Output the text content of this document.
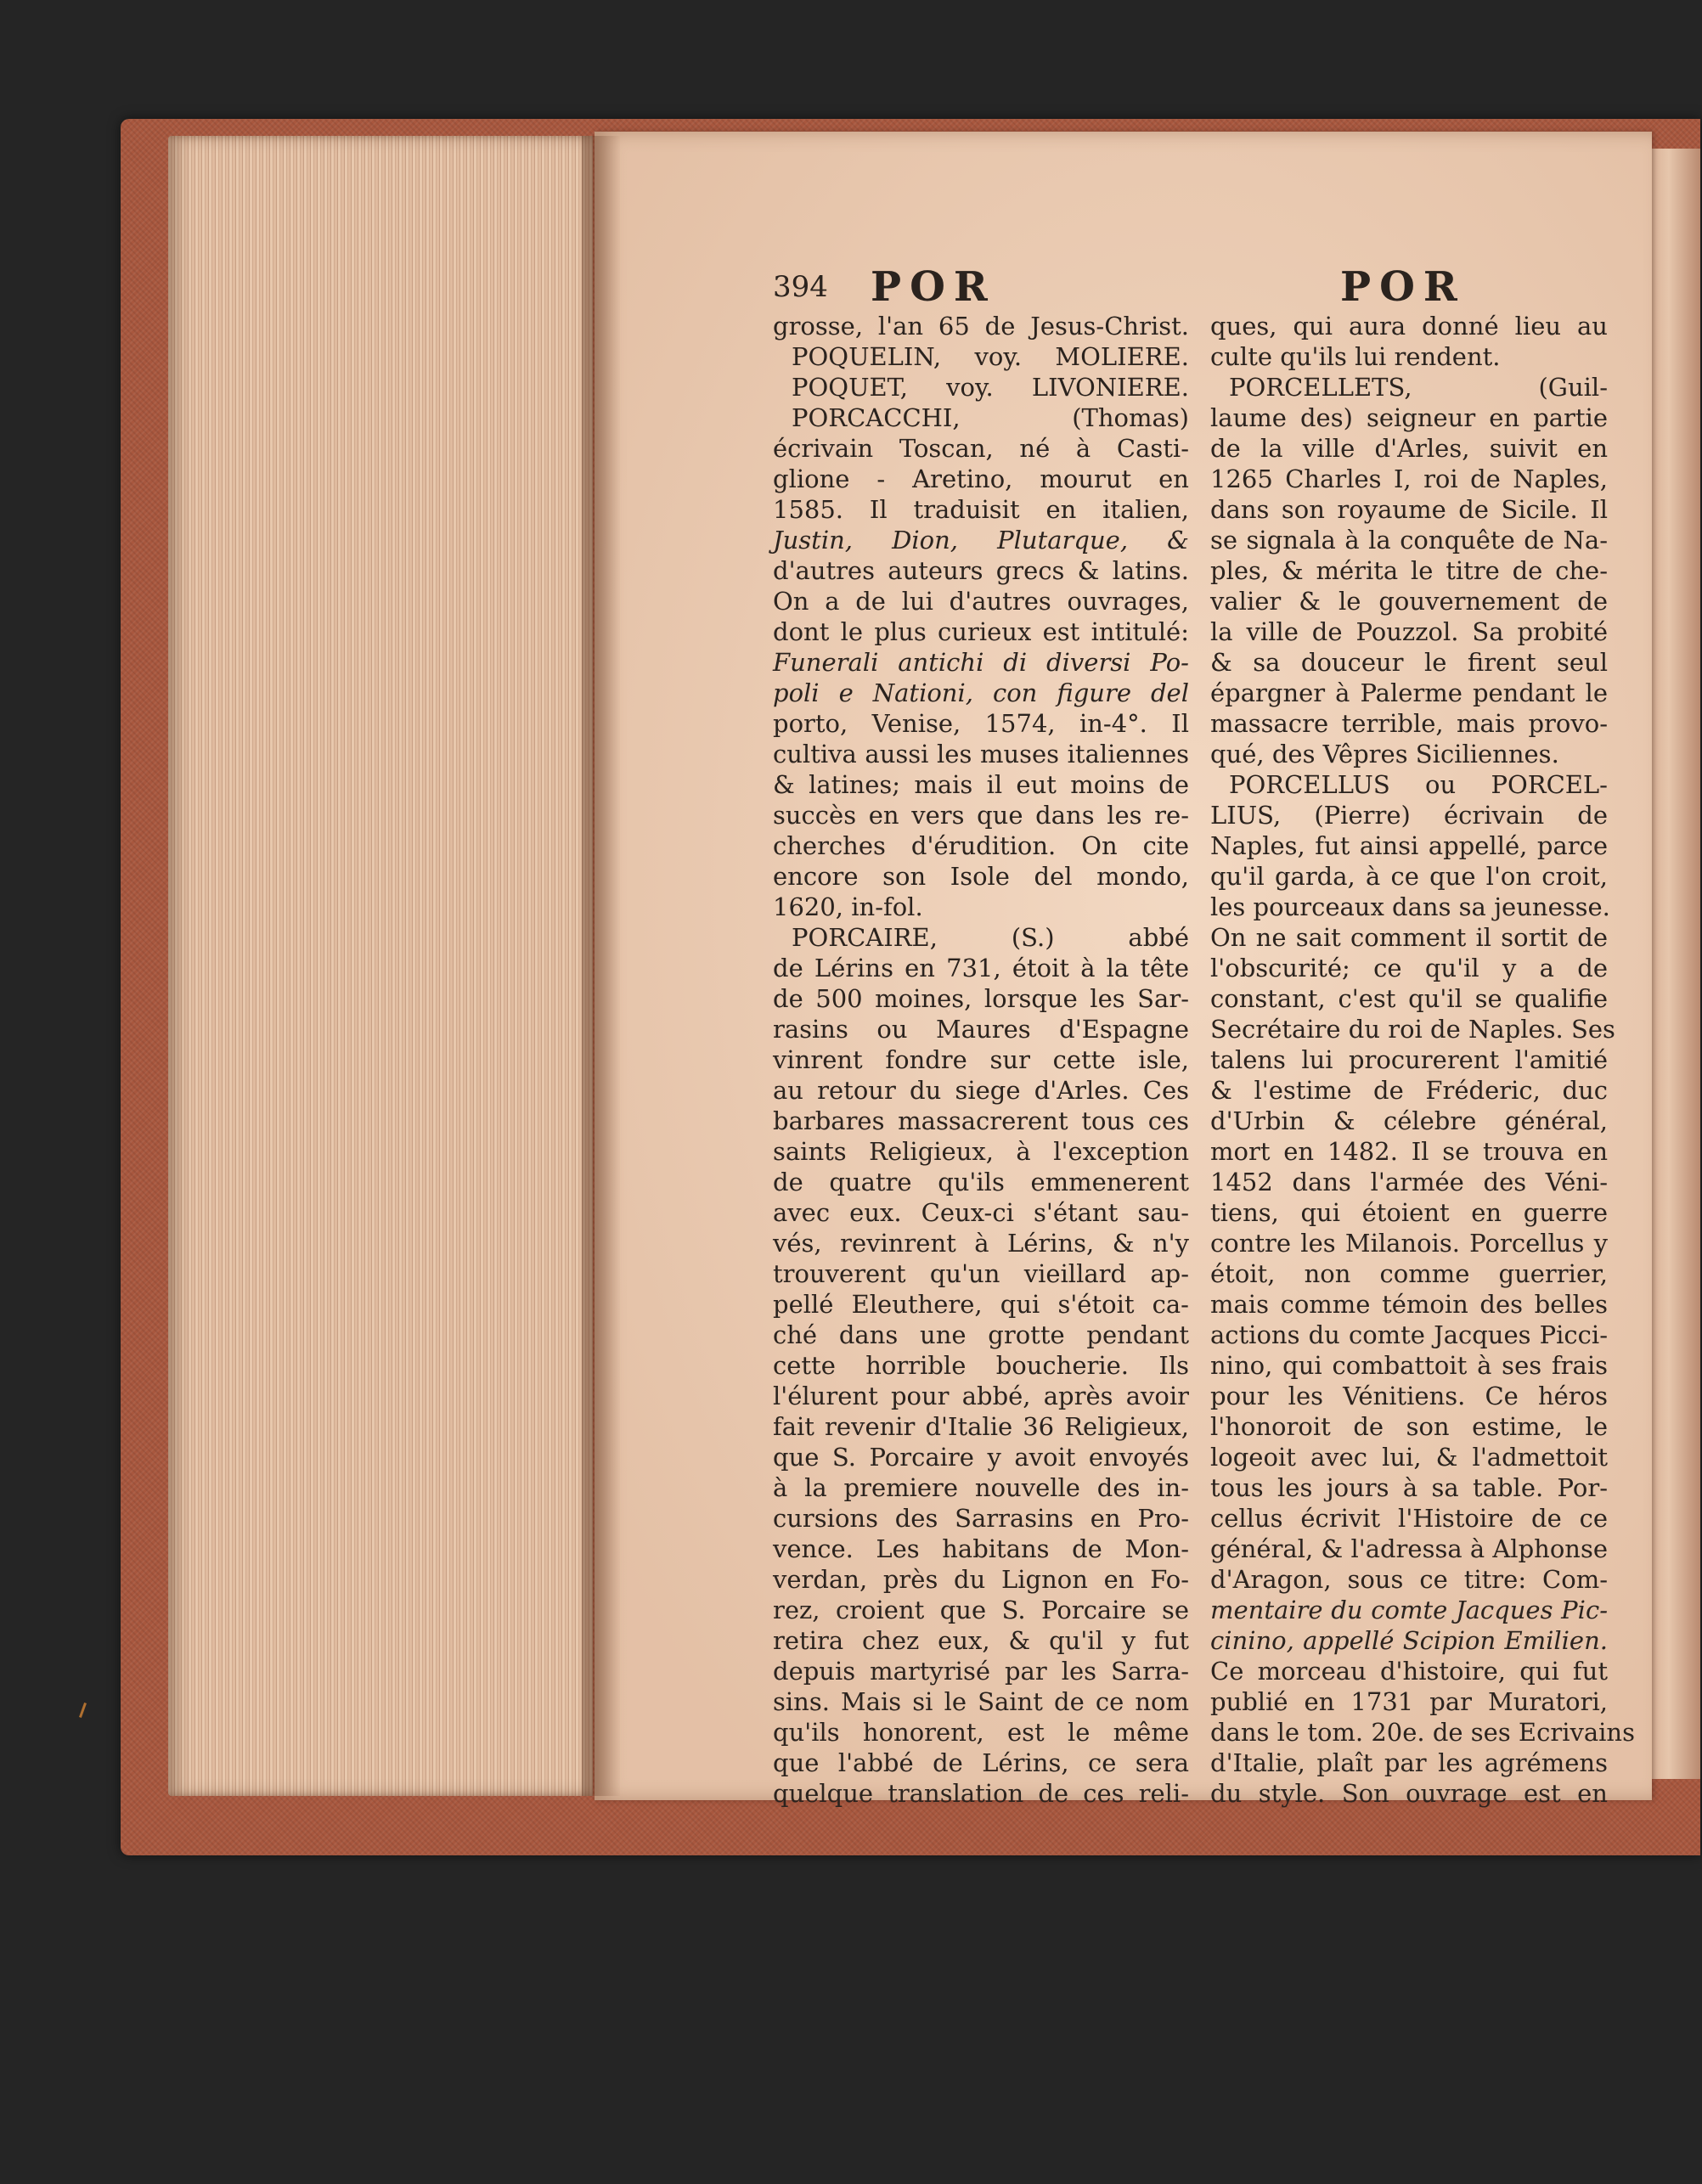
394 POR	POR
grosse, l'an 65 de Jesus-Christ.
POQUELIN, voy. MOLIERE.
POQUET, voy. LIVONIERE.
PORCACCHI, (Thomas)
écrivain Toscan, né à Casti-
glione - Aretino, mourut en
1585. Il traduisit en italien,
Justin, Dion, Plutarque, &
d'autres auteurs grecs & latins.
On a de lui d'autres ouvrages,
dont le plus curieux est intitulé:
Funerali antichi di diversi Po-
poli e Nationi, con figure del
porto, Venise, 1574, in-4°. Il
cultiva aussi les muses italiennes
& latines; mais il eut moins de
succès en vers que dans les re-
cherches d'érudition. On cite
encore son Isole del mondo,
1620, in-fol.
PORCAIRE, (S.) abbé
de Lérins en 731, étoit à la tête
de 500 moines, lorsque les Sar-
rasins ou Maures d'Espagne
vinrent fondre sur cette isle,
au retour du siege d'Arles. Ces
barbares massacrerent tous ces
saints Religieux, à l'exception
de quatre qu'ils emmenerent
avec eux. Ceux-ci s'étant sau-
vés, revinrent à Lérins, & n'y
trouverent qu'un vieillard ap-
pellé Eleuthere, qui s'étoit ca-
ché dans une grotte pendant
cette horrible boucherie. Ils
l'élurent pour abbé, après avoir
fait revenir d'Italie 36 Religieux,
que S. Porcaire y avoit envoyés
à la premiere nouvelle des in-
cursions des Sarrasins en Pro-
vence. Les habitans de Mon-
verdan, près du Lignon en Fo-
rez, croient que S. Porcaire se
retira chez eux, & qu'il y fut
depuis martyrisé par les Sarra-
sins. Mais si le Saint de ce nom
qu'ils honorent, est le même
que l'abbé de Lérins, ce sera
quelque translation de ces reli-
ques, qui aura donné lieu au
culte qu'ils lui rendent.
PORCELLETS, (Guil-
laume des) seigneur en partie
de la ville d'Arles, suivit en
1265 Charles I, roi de Naples,
dans son royaume de Sicile. Il
se signala à la conquête de Na-
ples, & mérita le titre de che-
valier & le gouvernement de
la ville de Pouzzol. Sa probité
& sa douceur le firent seul
épargner à Palerme pendant le
massacre terrible, mais provo-
qué, des Vêpres Siciliennes.
PORCELLUS ou PORCEL-
LIUS, (Pierre) écrivain de
Naples, fut ainsi appellé, parce
qu'il garda, à ce que l'on croit,
les pourceaux dans sa jeunesse.
On ne sait comment il sortit de
l'obscurité; ce qu'il y a de
constant, c'est qu'il se qualifie
Secrétaire du roi de Naples. Ses
talens lui procurerent l'amitié
& l'estime de Fréderic, duc
d'Urbin & célebre général,
mort en 1482. Il se trouva en
1452 dans l'armée des Véni-
tiens, qui étoient en guerre
contre les Milanois. Porcellus y
étoit, non comme guerrier,
mais comme témoin des belles
actions du comte Jacques Picci-
nino, qui combattoit à ses frais
pour les Vénitiens. Ce héros
l'honoroit de son estime, le
logeoit avec lui, & l'admettoit
tous les jours à sa table. Por-
cellus écrivit l'Histoire de ce
général, & l'adressa à Alphonse
d'Aragon, sous ce titre: Com-
mentaire du comte Jacques Pic-
cinino, appellé Scipion Emilien.
Ce morceau d'histoire, qui fut
publié en 1731 par Muratori,
dans le tom. 20e. de ses Ecrivains
d'Italie, plaît par les agrémens
du style. Son ouvrage est en
